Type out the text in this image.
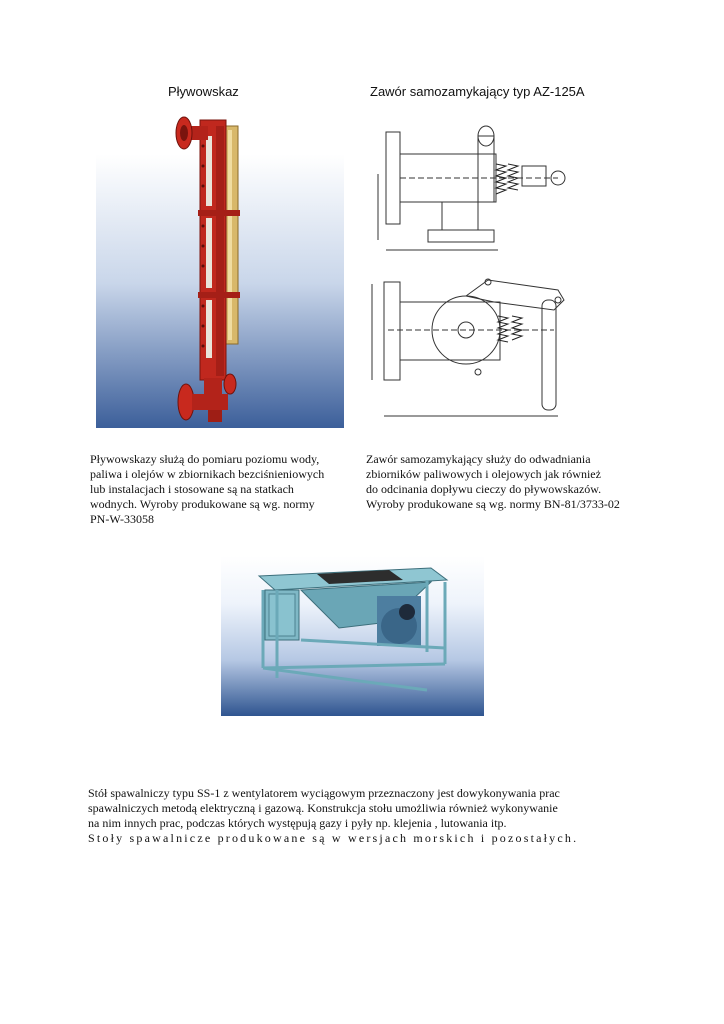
Pływowskaz	Zawór samozamykający typ AZ-125A
Pływowskazy służą do pomiaru poziomu wody,
paliwa i olejów w zbiornikach bezciśnieniowych
lub instalacjach i stosowane są na statkach
wodnych. Wyroby produkowane są wg. normy
PN-W-33058
Zawór samozamykający służy do odwadniania
zbiorników paliwowych i olejowych jak również
do odcinania dopływu cieczy do pływowskazów.
Wyroby produkowane są wg. normy BN-81/3733-02
Stół spawalniczy typu SS-1 z wentylatorem wyciągowym przeznaczony jest dowykonywania prac
spawalniczych metodą elektryczną i gazową. Konstrukcja stołu umożliwia również wykonywanie
na nim innych prac, podczas których występują gazy i pyły np. klejenia , lutowania itp.
Stoły spawalnicze produkowane są w wersjach morskich i pozostałych.
